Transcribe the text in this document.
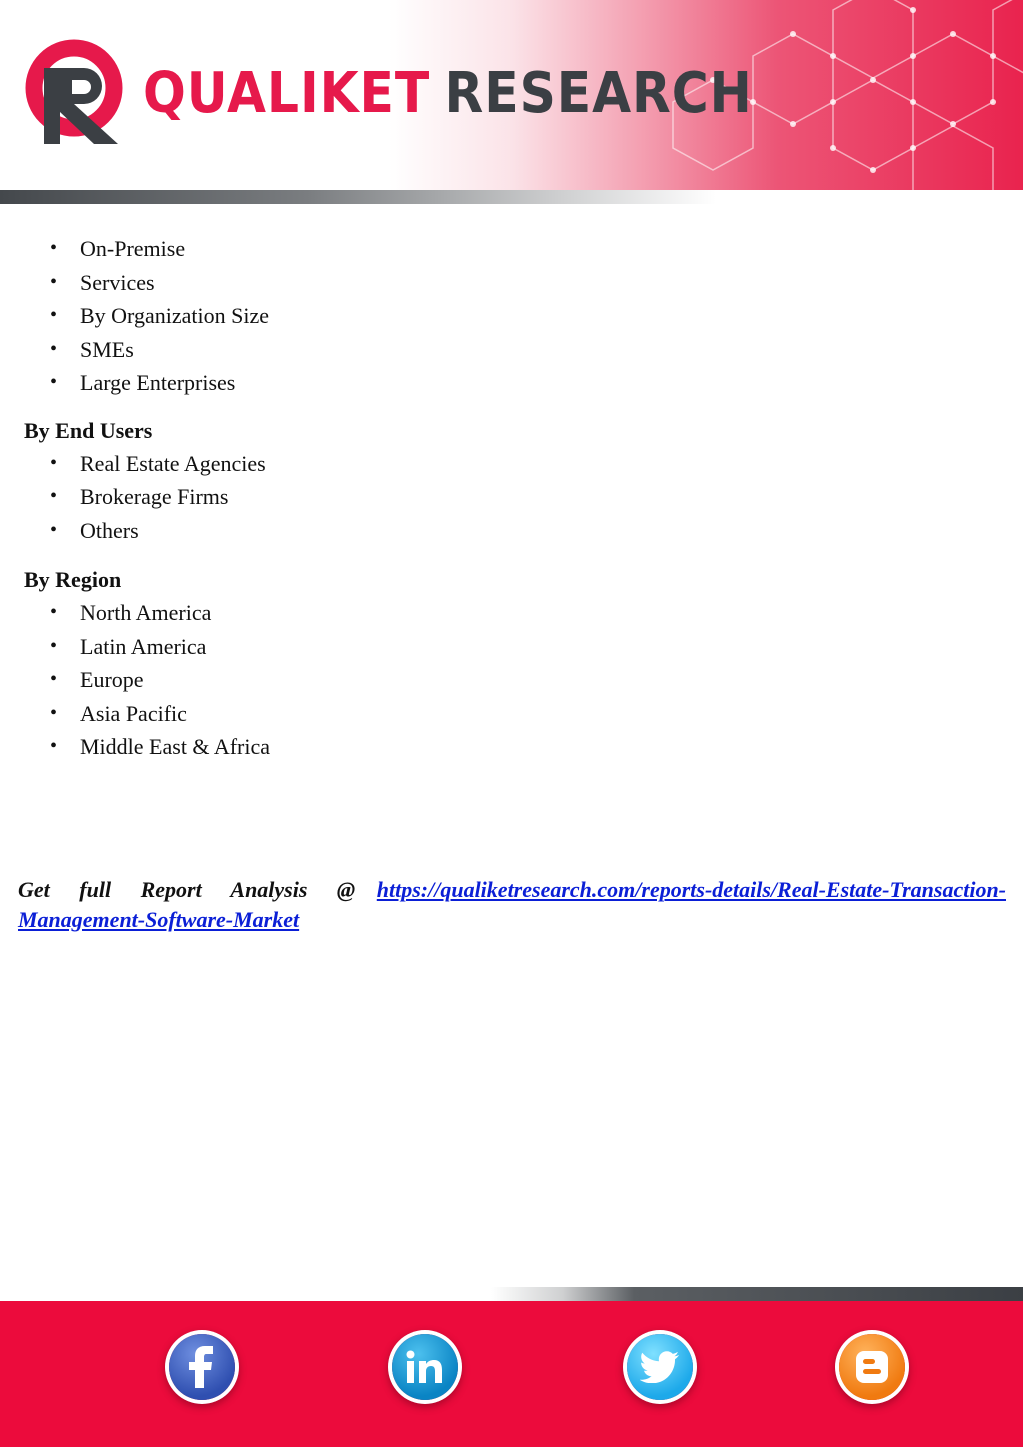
QUALIKET RESEARCH
• On-Premise
• Services
• By Organization Size
• SMEs
• Large Enterprises

By End Users

• Real Estate Agencies
• Brokerage Firms
• Others

By Region

• North America
• Latin America
• Europe
• Asia Pacific
• Middle East & Africa

Get full Report Analysis @ https://qualiketresearch.com/reports-details/Real-Estate-Transaction-Management-Software-Market
